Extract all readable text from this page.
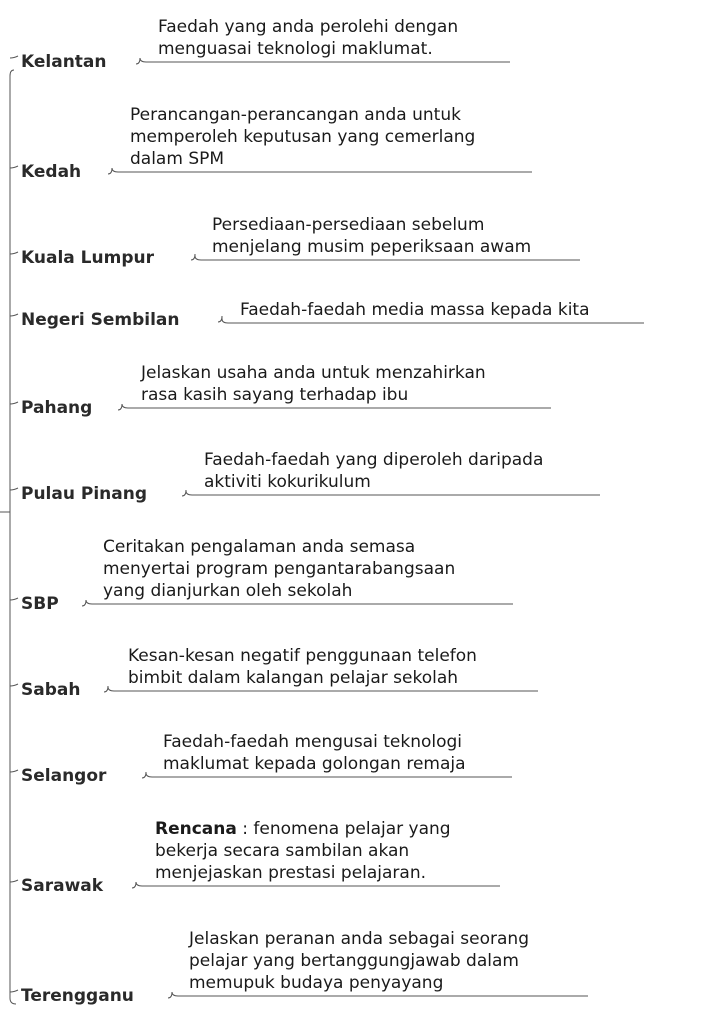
Kelantan
Faedah yang anda perolehi dengan
menguasai teknologi maklumat.
Kedah
Perancangan-perancangan anda untuk
memperoleh keputusan yang cemerlang
dalam SPM
Kuala Lumpur
Persediaan-persediaan sebelum
menjelang musim peperiksaan awam
Negeri Sembilan	Faedah-faedah media massa kepada kita
Pahang
Jelaskan usaha anda untuk menzahirkan
rasa kasih sayang terhadap ibu
Pulau Pinang
Faedah-faedah yang diperoleh daripada
aktiviti kokurikulum
SBP
Ceritakan pengalaman anda semasa
menyertai program pengantarabangsaan
yang dianjurkan oleh sekolah
Sabah
Kesan-kesan negatif penggunaan telefon
bimbit dalam kalangan pelajar sekolah
Selangor
Faedah-faedah mengusai teknologi
maklumat kepada golongan remaja
Sarawak
Rencana : fenomena pelajar yang
bekerja secara sambilan akan
menjejaskan prestasi pelajaran.
Terengganu
Jelaskan peranan anda sebagai seorang
pelajar yang bertanggungjawab dalam
memupuk budaya penyayang
